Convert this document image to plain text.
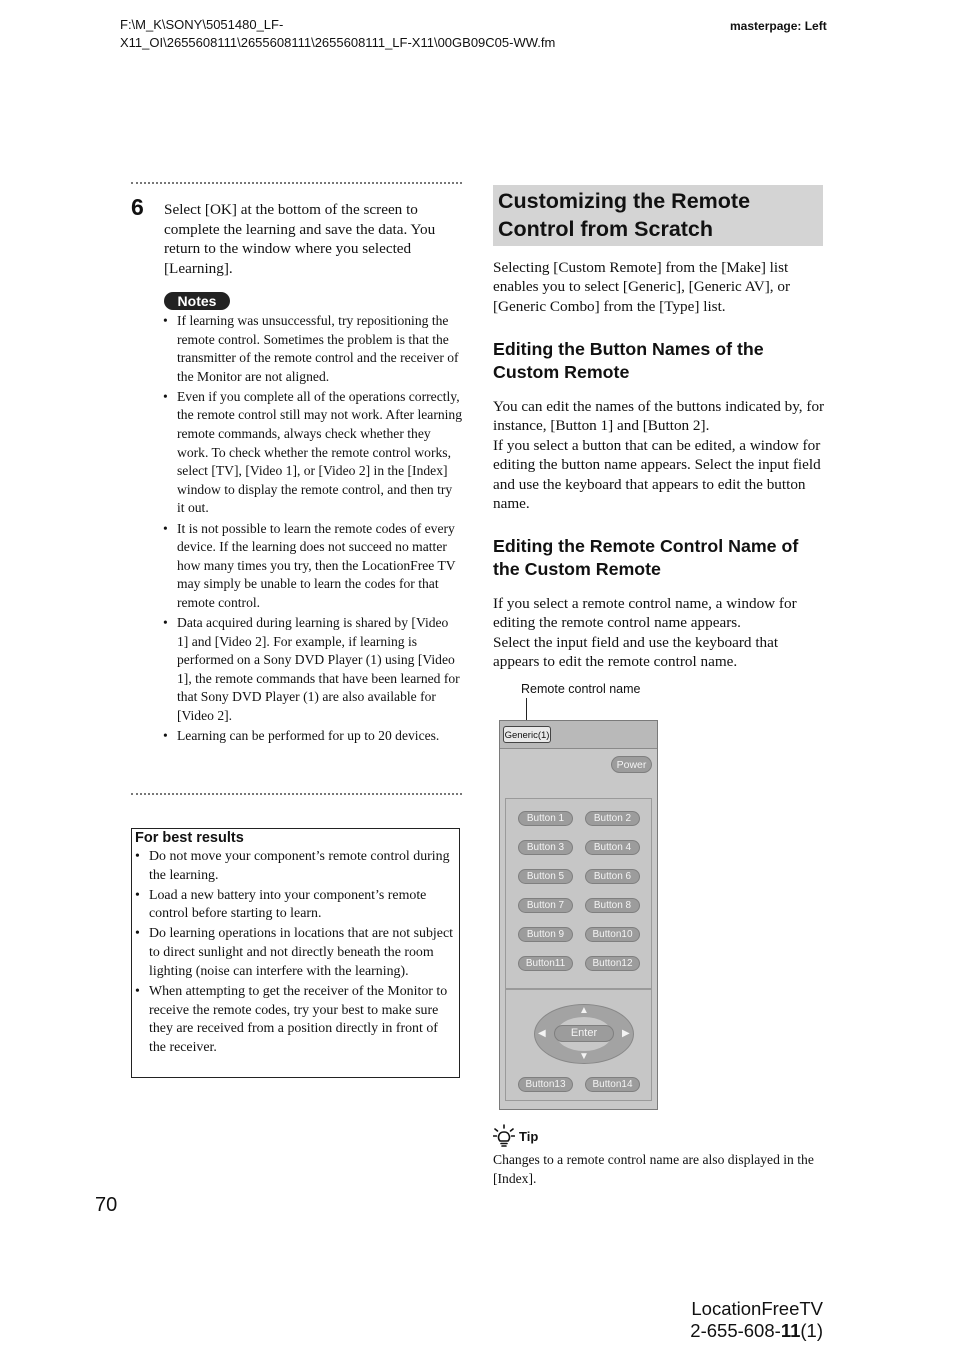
F:\M_K\SONY\5051480_LF-
X11_OI\2655608111\2655608111\2655608111_LF-X11\00GB09C05-WW.fm
masterpage: Left
6 Select [OK] at the bottom of the screen to complete the learning and save the data. You return to the window where you selected [Learning].
Notes
• If learning was unsuccessful, try repositioning the remote control. Sometimes the problem is that the transmitter of the remote control and the receiver of the Monitor are not aligned.
• Even if you complete all of the operations correctly, the remote control still may not work. After learning remote commands, always check whether they work. To check whether the remote control works, select [TV], [Video 1], or [Video 2] in the [Index] window to display the remote control, and then try it out.
• It is not possible to learn the remote codes of every device. If the learning does not succeed no matter how many times you try, then the LocationFree TV may simply be unable to learn the codes for that remote control.
• Data acquired during learning is shared by [Video 1] and [Video 2]. For example, if learning is performed on a Sony DVD Player (1) using [Video 1], the remote commands that have been learned for that Sony DVD Player (1) are also available for [Video 2].
• Learning can be performed for up to 20 devices.
For best results
• Do not move your component’s remote control during the learning.
• Load a new battery into your component’s remote control before starting to learn.
• Do learning operations in locations that are not subject to direct sunlight and not directly beneath the room lighting (noise can interfere with the learning).
• When attempting to get the receiver of the Monitor to receive the remote codes, try your best to make sure they are received from a position directly in front of the receiver.
Customizing the Remote Control from Scratch
Selecting [Custom Remote] from the [Make] list enables you to select [Generic], [Generic AV], or [Generic Combo] from the [Type] list.
Editing the Button Names of the Custom Remote
You can edit the names of the buttons indicated by, for instance, [Button 1] and [Button 2].
If you select a button that can be edited, a window for editing the button name appears. Select the input field and use the keyboard that appears to edit the button name.
Editing the Remote Control Name of the Custom Remote
If you select a remote control name, a window for editing the remote control name appears.
Select the input field and use the keyboard that appears to edit the remote control name.
Remote control name
Generic(1)
Power
Button 1	Button 2
Button 3	Button 4
Button 5	Button 6
Button 7	Button 8
Button 9	Button10
Button11	Button12
▲
▼
◀	▶
Enter
Button13	Button14
Tip
Changes to a remote control name are also displayed in the [Index].
70
LocationFreeTV
2-655-608-11(1)
